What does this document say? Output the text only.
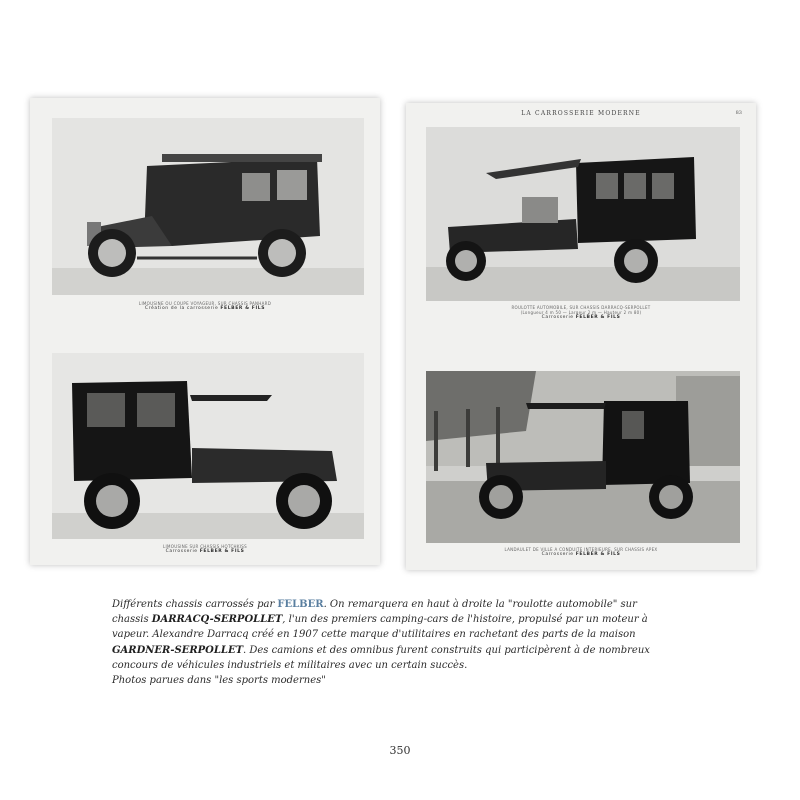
LIMOUSINE OU COUPE VOYAGEUR, SUR CHASSIS PANHARD
Création de la carrosserie FELBER & FILS
LIMOUSINE SUR CHASSIS HOTCHKISS
Carrosserie FELBER & FILS
LA CARROSSERIE MODERNE	83
ROULOTTE AUTOMOBILE, SUR CHASSIS DARRACQ-SERPOLLET
(Longueur 4 m 50 — Largeur 2 m — Hauteur 2 m 80)
Carrosserie FELBER & FILS
LANDAULET DE VILLE A CONDUITE INTERIEURE, SUR CHASSIS APEX
Carrosserie FELBER & FILS
Différents chassis carrossés par FELBER. On remarquera en haut à droite la "roulotte automobile" sur chassis DARRACQ-SERPOLLET, l'un des premiers camping-cars de l'histoire, propulsé par un moteur à vapeur. Alexandre Darracq créé en 1907 cette marque d'utilitaires en rachetant des parts de la maison GARDNER-SERPOLLET. Des camions et des omnibus furent construits qui participèrent à de nombreux concours de véhicules industriels et militaires avec un certain succès.
Photos parues dans "les sports modernes"
350
